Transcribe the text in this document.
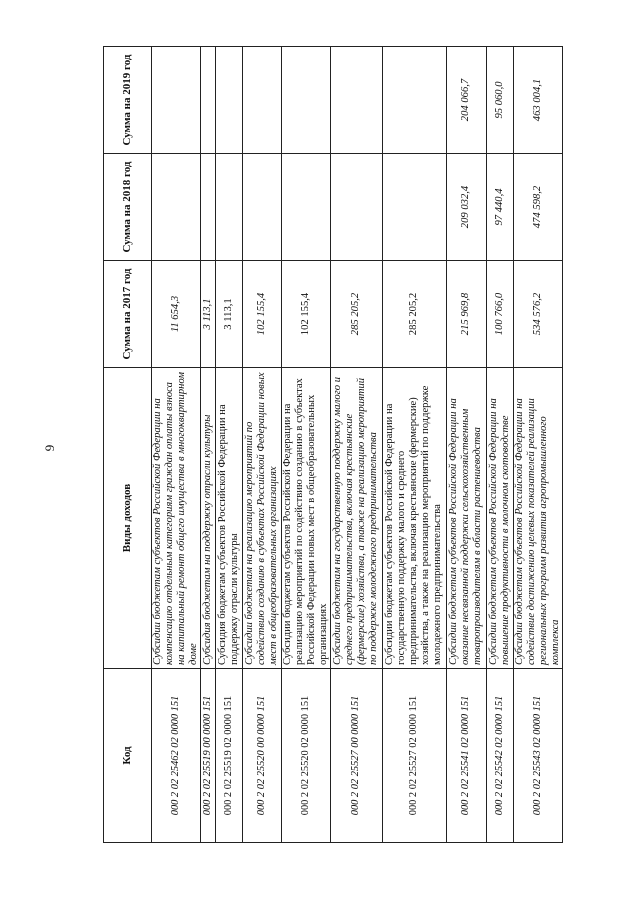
9
Код	Виды доходов	Сумма на 2017 год	Сумма на 2018 год	Сумма на 2019 год
000 2 02 25462 02 0000 151	Субсидии бюджетам субъектов Российской Федерации на компенсацию отдельным категориям граждан оплаты взноса на капитальный ремонт общего имущества в многоквартирном доме	11 654,3		
000 2 02 25519 00 0000 151	Субсидия бюджетам на поддержку отрасли культуры	3 113,1		
000 2 02 25519 02 0000 151	Субсидия бюджетам субъектов Российской Федерации на поддержку отрасли культуры	3 113,1		
000 2 02 25520 00 0000 151	Субсидии бюджетам на реализацию мероприятий по содействию созданию в субъектах Российской Федерации новых мест в общеобразовательных организациях	102 155,4		
000 2 02 25520 02 0000 151	Субсидии бюджетам субъектов Российской Федерации на реализацию мероприятий по содействию созданию в субъектах Российской Федерации новых мест в общеобразовательных организациях	102 155,4		
000 2 02 25527 00 0000 151	Субсидии бюджетам на государственную поддержку малого и среднего предпринимательства, включая крестьянские (фермерские) хозяйства, а также на реализацию мероприятий по поддержке молодежного предпринимательства	285 205,2		
000 2 02 25527 02 0000 151	Субсидии бюджетам субъектов Российской Федерации на государственную поддержку малого и среднего предпринимательства, включая крестьянские (фермерские) хозяйства, а также на реализацию мероприятий по поддержке молодежного предпринимательства	285 205,2		
000 2 02 25541 02 0000 151	Субсидии бюджетам субъектов Российской Федерации на оказание несвязанной поддержки сельскохозяйственным товаропроизводителям в области растениеводства	215 969,8	209 032,4	204 066,7
000 2 02 25542 02 0000 151	Субсидии бюджетам субъектов Российской Федерации на повышение продуктивности в молочном скотоводстве	100 766,0	97 440,4	95 060,0
000 2 02 25543 02 0000 151	Субсидии бюджетам субъектов Российской Федерации на содействие достижению целевых показателей реализации региональных программ развития агропромышленного комплекса	534 576,2	474 598,2	463 004,1
